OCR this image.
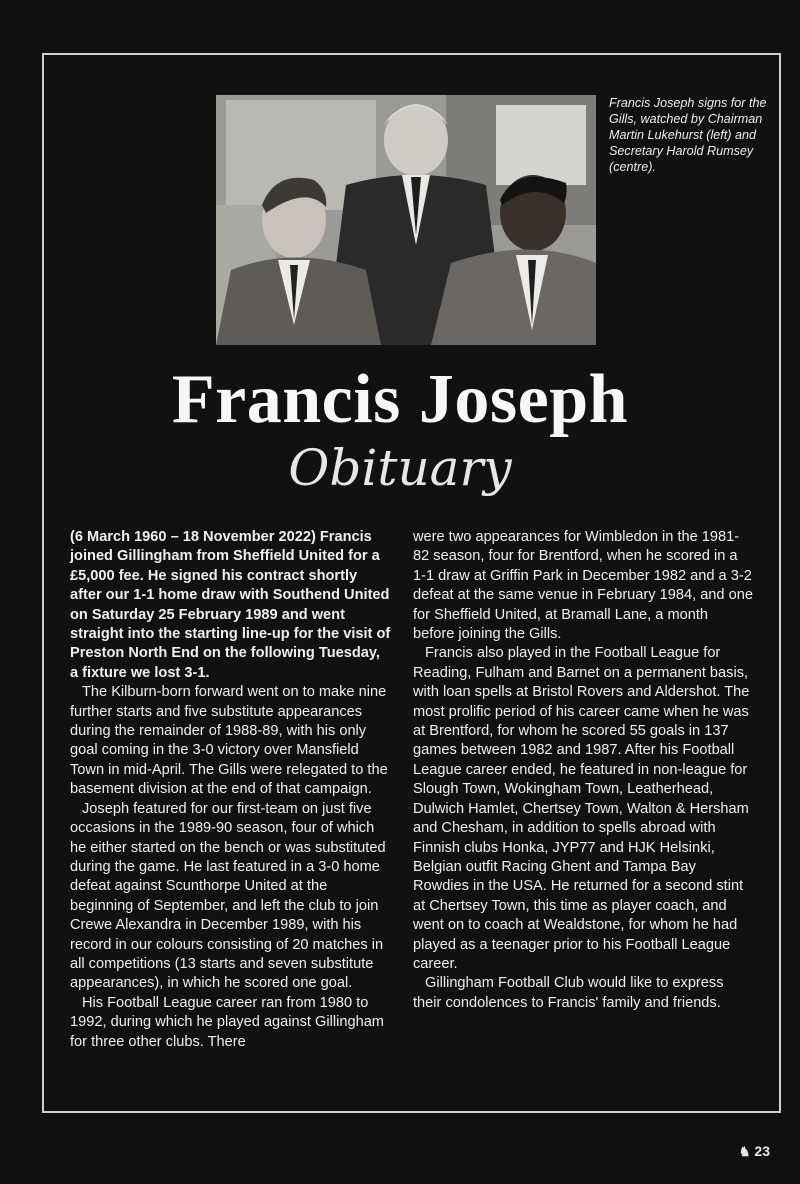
Francis Joseph signs for the Gills, watched by Chairman Martin Lukehurst (left) and Secretary Harold Rumsey (centre).
Francis Joseph
Obituary

(6 March 1960 – 18 November 2022) Francis joined Gillingham from Sheffield United for a £5,000 fee. He signed his contract shortly after our 1-1 home draw with Southend United on Saturday 25 February 1989 and went straight into the starting line-up for the visit of Preston North End on the following Tuesday, a fixture we lost 3-1.

The Kilburn-born forward went on to make nine further starts and five substitute appearances during the remainder of 1988-89, with his only goal coming in the 3-0 victory over Mansfield Town in mid-April. The Gills were relegated to the basement division at the end of that campaign.

Joseph featured for our first-team on just five occasions in the 1989-90 season, four of which he either started on the bench or was substituted during the game. He last featured in a 3-0 home defeat against Scunthorpe United at the beginning of September, and left the club to join Crewe Alexandra in December 1989, with his record in our colours consisting of 20 matches in all competitions (13 starts and seven substitute appearances), in which he scored one goal.

His Football League career ran from 1980 to 1992, during which he played against Gillingham for three other clubs. There

were two appearances for Wimbledon in the 1981-82 season, four for Brentford, when he scored in a 1-1 draw at Griffin Park in December 1982 and a 3-2 defeat at the same venue in February 1984, and one for Sheffield United, at Bramall Lane, a month before joining the Gills.

Francis also played in the Football League for Reading, Fulham and Barnet on a permanent basis, with loan spells at Bristol Rovers and Aldershot. The most prolific period of his career came when he was at Brentford, for whom he scored 55 goals in 137 games between 1982 and 1987. After his Football League career ended, he featured in non-league for Slough Town, Wokingham Town, Leatherhead, Dulwich Hamlet, Chertsey Town, Walton & Hersham and Chesham, in addition to spells abroad with Finnish clubs Honka, JYP77 and HJK Helsinki, Belgian outfit Racing Ghent and Tampa Bay Rowdies in the USA. He returned for a second stint at Chertsey Town, this time as player coach, and went on to coach at Wealdstone, for whom he had played as a teenager prior to his Football League career.

Gillingham Football Club would like to express their condolences to Francis' family and friends.

♞ 23
